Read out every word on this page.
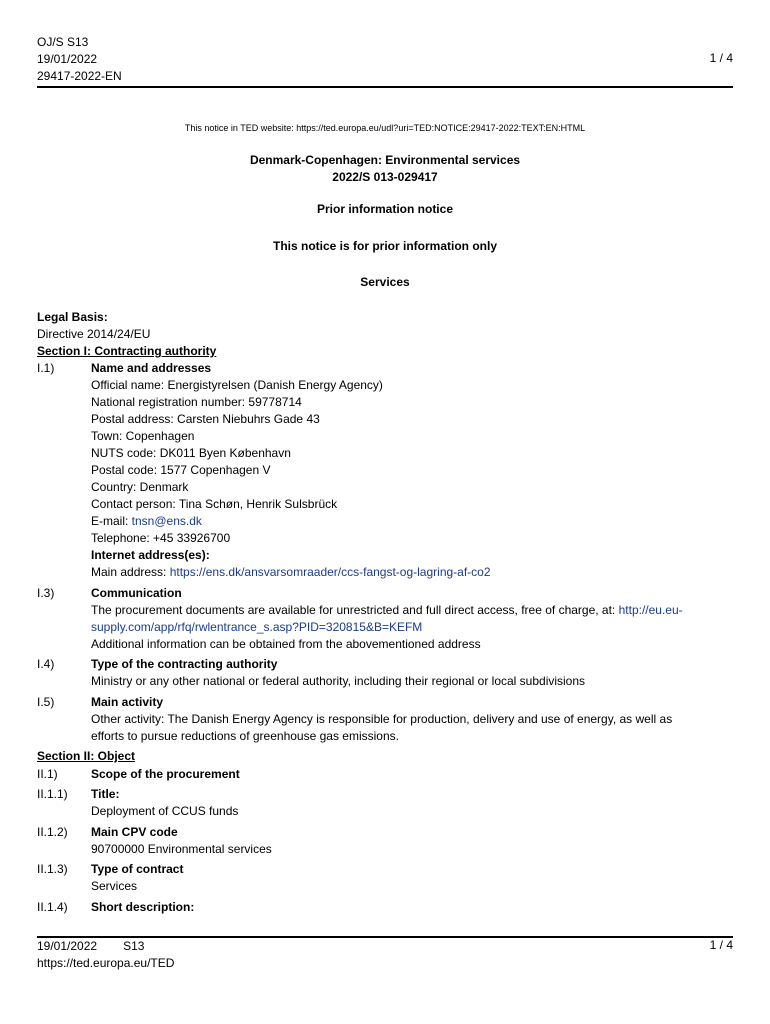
OJ/S S13
19/01/2022
29417-2022-EN
1 / 4
This notice in TED website: https://ted.europa.eu/udl?uri=TED:NOTICE:29417-2022:TEXT:EN:HTML
Denmark-Copenhagen: Environmental services
2022/S 013-029417
Prior information notice
This notice is for prior information only
Services
Legal Basis:
Directive 2014/24/EU
Section I: Contracting authority
I.1)	Name and addresses
Official name: Energistyrelsen (Danish Energy Agency)
National registration number: 59778714
Postal address: Carsten Niebuhrs Gade 43
Town: Copenhagen
NUTS code: DK011 Byen København
Postal code: 1577 Copenhagen V
Country: Denmark
Contact person: Tina Schøn, Henrik Sulsbrück
E-mail: tnsn@ens.dk
Telephone: +45 33926700
Internet address(es):
Main address: https://ens.dk/ansvarsomraader/ccs-fangst-og-lagring-af-co2
I.3)	Communication
The procurement documents are available for unrestricted and full direct access, free of charge, at: http://eu.eu-
supply.com/app/rfq/rwlentrance_s.asp?PID=320815&B=KEFM
Additional information can be obtained from the abovementioned address
I.4)	Type of the contracting authority
Ministry or any other national or federal authority, including their regional or local subdivisions
I.5)	Main activity
Other activity: The Danish Energy Agency is responsible for production, delivery and use of energy, as well as
efforts to pursue reductions of greenhouse gas emissions.
Section II: Object
II.1)	Scope of the procurement
II.1.1)	Title:
Deployment of CCUS funds
II.1.2)	Main CPV code
90700000 Environmental services
II.1.3)	Type of contract
Services
II.1.4)	Short description:
19/01/2022 S13
https://ted.europa.eu/TED
1 / 4
